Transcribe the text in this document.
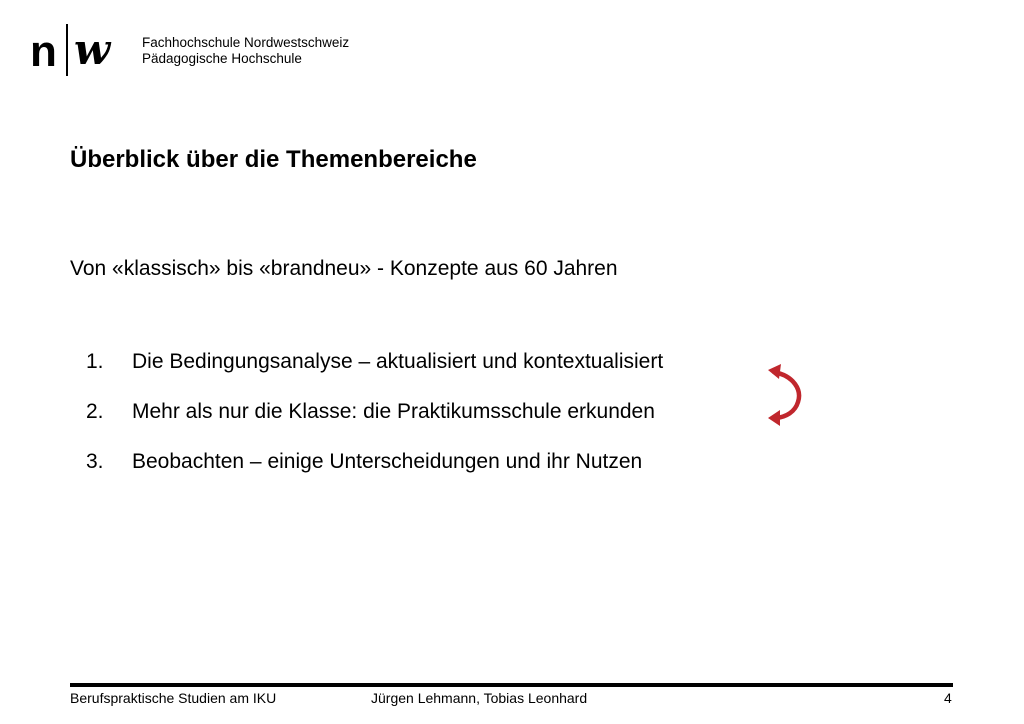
n w Fachhochschule Nordwestschweiz
Pädagogische Hochschule
Überblick über die Themenbereiche
Von «klassisch» bis «brandneu» - Konzepte aus 60 Jahren
1.	Die Bedingungsanalyse – aktualisiert und kontextualisiert
2.	Mehr als nur die Klasse: die Praktikumsschule erkunden
3.	Beobachten – einige Unterscheidungen und ihr Nutzen
Berufspraktische Studien am IKU	Jürgen Lehmann, Tobias Leonhard	4
